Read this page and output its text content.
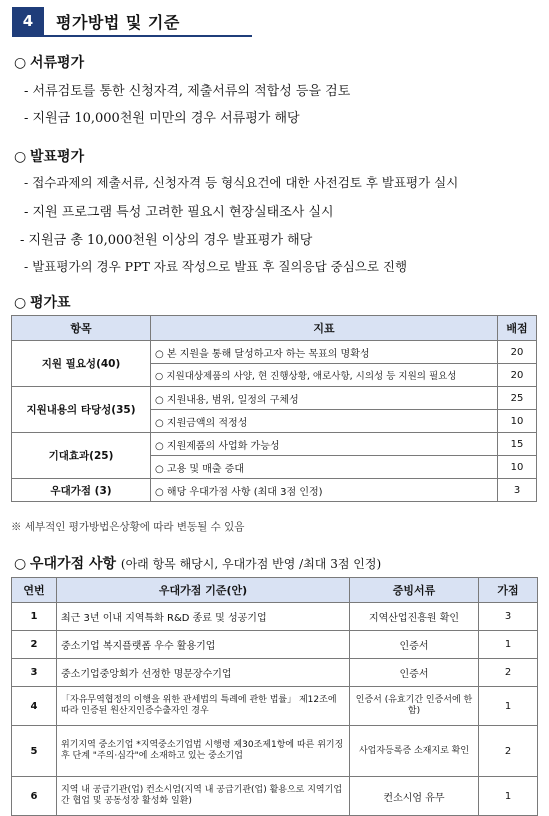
4	평가방법 및 기준
○ 서류평가
- 서류검토를 통한 신청자격, 제출서류의 적합성 등을 검토
- 지원금 10,000천원 미만의 경우 서류평가 해당
○ 발표평가
- 접수과제의 제출서류, 신청자격 등 형식요건에 대한 사전검토 후 발표평가 실시
- 지원 프로그램 특성 고려한 필요시 현장실태조사 실시
- 지원금 총 10,000천원 이상의 경우 발표평가 해당
- 발표평가의 경우 PPT 자료 작성으로 발표 후 질의응답 중심으로 진행
○ 평가표
항목	지표	배점
지원 필요성(40)	○ 본 지원을 통해 달성하고자 하는 목표의 명확성	20
	○ 지원대상제품의 사양, 현 진행상황, 애로사항, 시의성 등 지원의 필요성	20
지원내용의 타당성(35)	○ 지원내용, 범위, 일정의 구체성	25
	○ 지원금액의 적정성	10
기대효과(25)	○ 지원제품의 사업화 가능성	15
	○ 고용 및 매출 증대	10
우대가점 (3)	○ 해당 우대가점 사항 (최대 3점 인정)	3
※ 세부적인 평가방법은상황에 따라 변동될 수 있음
○ 우대가점 사항 (아래 항목 해당시, 우대가점 반영 /최대 3점 인정)
연번	우대가점 기준(안)	증빙서류	가점
1	최근 3년 이내 지역특화 R&D 종료 및 성공기업	지역산업진흥원 확인	3
2	중소기업 복지플랫폼 우수 활용기업	인증서	1
3	중소기업중앙회가 선정한 명문장수기업	인증서	2
4	「자유무역협정의 이행을 위한 관세법의 특례에 관한 법률」 제12조에 따라 인증된 원산지인증수출자인 경우	인증서 (유효기간 인증서에 한함)	1
5	위기지역 중소기업 *지역중소기업법 시행령 제30조제1항에 따른 위기징후 단계 "주의·심각"에 소재하고 있는 중소기업	사업자등록증 소재지로 확인	2
6	지역 내 공급기관(업) 컨소시엄(지역 내 공급기관(업) 활용으로 지역기업간 협업 및 공동성장 활성화 일환)	컨소시엄 유무	1
